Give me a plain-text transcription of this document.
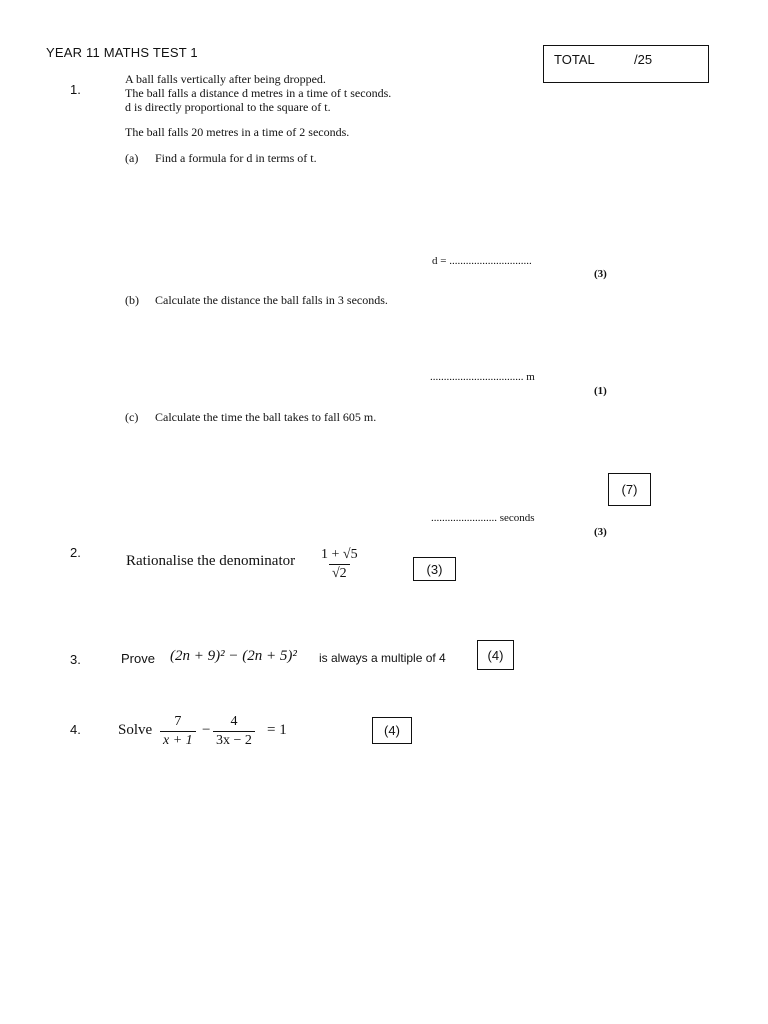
YEAR 11 MATHS TEST 1	TOTAL	/25
1.
A ball falls vertically after being dropped.
The ball falls a distance d metres in a time of t seconds.
d is directly proportional to the square of t.
The ball falls 20 metres in a time of 2 seconds.
(a) Find a formula for d in terms of t.
d = ..............................
(3)
(b) Calculate the distance the ball falls in 3 seconds.
.................................. m
(1)
(c) Calculate the time the ball takes to fall 605 m.
(7)
........................ seconds
(3)
2.
Rationalise the denominator $\frac{1 + √5}{√2}$	(3)
3.	Prove (2n + 9)² − (2n + 5)² is always a multiple of 4	(4)
4. Solve $\frac{7}{x + 1} - \frac{4}{3x - 2} = 1$	(4)
